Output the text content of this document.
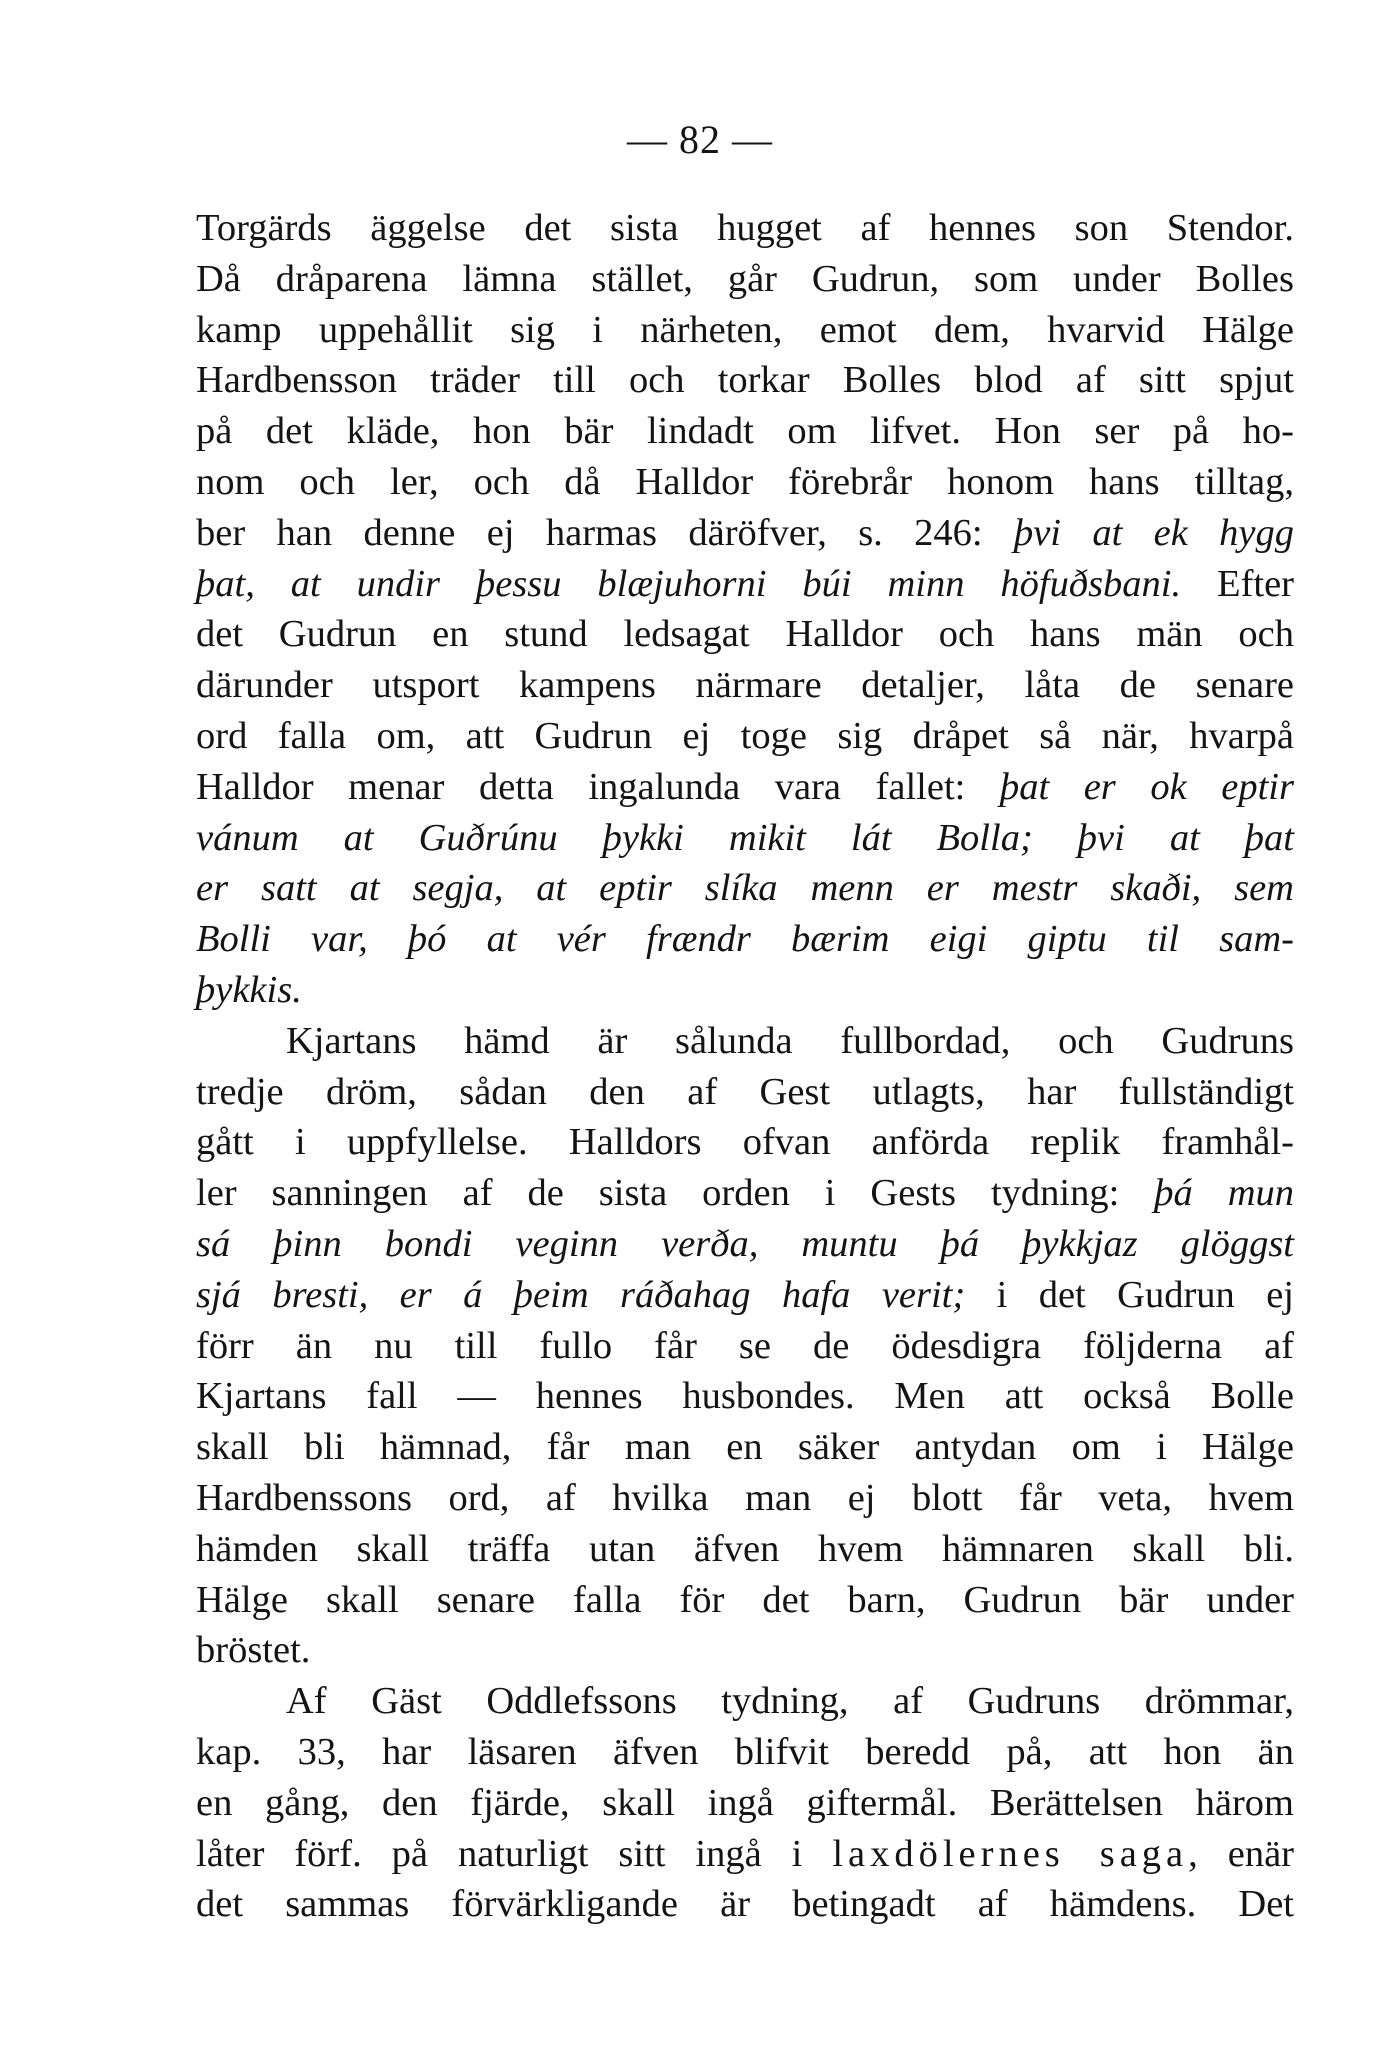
— 82 —
Torgärds äggelse det sista hugget af hennes son Stendor.
Då dråparena lämna stället, går Gudrun, som under Bolles
kamp uppehållit sig i närheten, emot dem, hvarvid Hälge
Hardbensson träder till och torkar Bolles blod af sitt spjut
på det kläde, hon bär lindadt om lifvet. Hon ser på ho-
nom och ler, och då Halldor förebrår honom hans tilltag,
ber han denne ej harmas däröfver, s. 246: þvi at ek hygg
þat, at undir þessu blæjuhorni búi minn höfuðsbani. Efter
det Gudrun en stund ledsagat Halldor och hans män och
därunder utsport kampens närmare detaljer, låta de senare
ord falla om, att Gudrun ej toge sig dråpet så när, hvarpå
Halldor menar detta ingalunda vara fallet: þat er ok eptir
vánum at Guðrúnu þykki mikit lát Bolla; þvi at þat
er satt at segja, at eptir slíka menn er mestr skaði, sem
Bolli var, þó at vér frændr bærim eigi giptu til sam-
þykkis.
Kjartans hämd är sålunda fullbordad, och Gudruns
tredje dröm, sådan den af Gest utlagts, har fullständigt
gått i uppfyllelse. Halldors ofvan anförda replik framhål-
ler sanningen af de sista orden i Gests tydning: þá mun
sá þinn bondi veginn verða, muntu þá þykkjaz glöggst
sjá bresti, er á þeim ráðahag hafa verit; i det Gudrun ej
förr än nu till fullo får se de ödesdigra följderna af
Kjartans fall — hennes husbondes. Men att också Bolle
skall bli hämnad, får man en säker antydan om i Hälge
Hardbenssons ord, af hvilka man ej blott får veta, hvem
hämden skall träffa utan äfven hvem hämnaren skall bli.
Hälge skall senare falla för det barn, Gudrun bär under
bröstet.
Af Gäst Oddlefssons tydning, af Gudruns drömmar,
kap. 33, har läsaren äfven blifvit beredd på, att hon än
en gång, den fjärde, skall ingå giftermål. Berättelsen härom
låter förf. på naturligt sitt ingå i laxdölernes saga, enär
det sammas förvärkligande är betingadt af hämdens. Det
